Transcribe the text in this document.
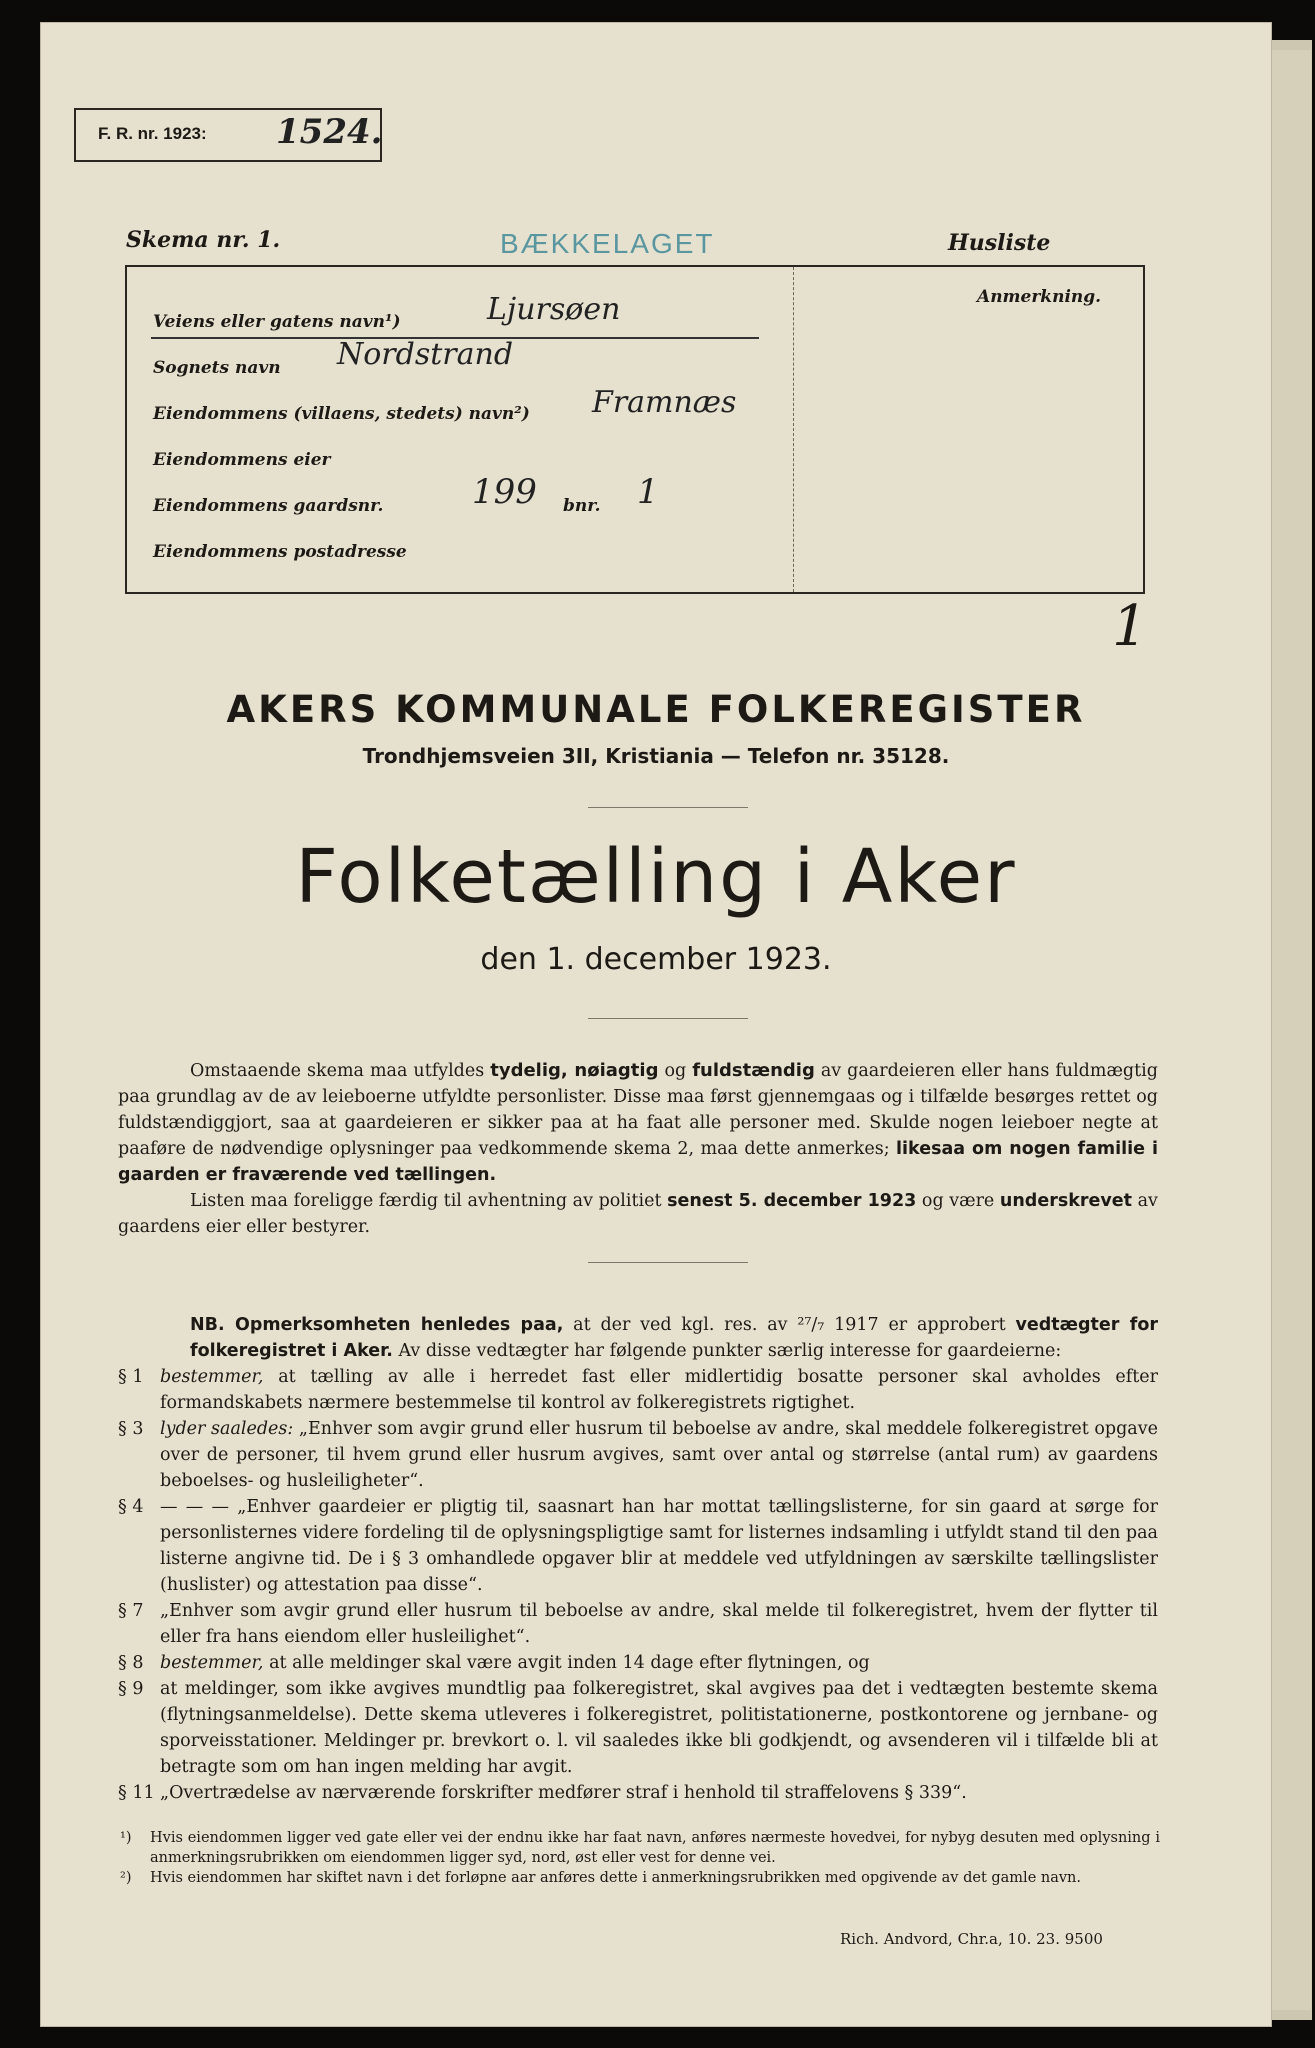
F. R. nr. 1923: 1524.
Skema nr. 1.	BÆKKELAGET	Husliste
Anmerkning.
Veiens eller gatens navn¹)	Ljursøen
Sognets navn Nordstrand
Eiendommens (villaens, stedets) navn²) Framnæs
Eiendommens eier
Eiendommens gaardsnr.	199 bnr. 1
Eiendommens postadresse
1
AKERS KOMMUNALE FOLKEREGISTER
Trondhjemsveien 3II, Kristiania — Telefon nr. 35128.
Folketælling i Aker
den 1. december 1923.
Omstaaende skema maa utfyldes tydelig, nøiagtig og fuldstændig av gaardeieren eller hans fuldmægtig paa grundlag av de av leieboerne utfyldte personlister. Disse maa først gjennemgaas og i tilfælde besørges rettet og fuldstændiggjort, saa at gaardeieren er sikker paa at ha faat alle personer med. Skulde nogen leieboer negte at paaføre de nødvendige oplysninger paa vedkommende skema 2, maa dette anmerkes; likesaa om nogen familie i gaarden er fraværende ved tællingen.
Listen maa foreligge færdig til avhentning av politiet senest 5. december 1923 og være underskrevet av gaardens eier eller bestyrer.
NB. Opmerksomheten henledes paa, at der ved kgl. res. av ²⁷/₇ 1917 er approbert vedtægter for folkeregistret i Aker. Av disse vedtægter har følgende punkter særlig interesse for gaardeierne:
§ 1 bestemmer, at tælling av alle i herredet fast eller midlertidig bosatte personer skal avholdes efter formandskabets nærmere bestemmelse til kontrol av folkeregistrets rigtighet.
§ 3 lyder saaledes: „Enhver som avgir grund eller husrum til beboelse av andre, skal meddele folkeregistret opgave over de personer, til hvem grund eller husrum avgives, samt over antal og størrelse (antal rum) av gaardens beboelses- og husleiligheter“.
§ 4 — — — „Enhver gaardeier er pligtig til, saasnart han har mottat tællingslisterne, for sin gaard at sørge for personlisternes videre fordeling til de oplysningspligtige samt for listernes indsamling i utfyldt stand til den paa listerne angivne tid. De i § 3 omhandlede opgaver blir at meddele ved utfyldningen av særskilte tællingslister (huslister) og attestation paa disse“.
§ 7 „Enhver som avgir grund eller husrum til beboelse av andre, skal melde til folkeregistret, hvem der flytter til eller fra hans eiendom eller husleilighet“.
§ 8 bestemmer, at alle meldinger skal være avgit inden 14 dage efter flytningen, og
§ 9 at meldinger, som ikke avgives mundtlig paa folkeregistret, skal avgives paa det i vedtægten bestemte skema (flytningsanmeldelse). Dette skema utleveres i folkeregistret, politistationerne, postkontorene og jernbane- og sporveisstationer. Meldinger pr. brevkort o. l. vil saaledes ikke bli godkjendt, og avsenderen vil i tilfælde bli at betragte som om han ingen melding har avgit.
§ 11 „Overtrædelse av nærværende forskrifter medfører straf i henhold til straffelovens § 339“.
¹)	Hvis eiendommen ligger ved gate eller vei der endnu ikke har faat navn, anføres nærmeste hovedvei, for nybyg desuten med oplysning i anmerkningsrubrikken om eiendommen ligger syd, nord, øst eller vest for denne vei.
²)	Hvis eiendommen har skiftet navn i det forløpne aar anføres dette i anmerkningsrubrikken med opgivende av det gamle navn.
Rich. Andvord, Chr.a, 10. 23. 9500
